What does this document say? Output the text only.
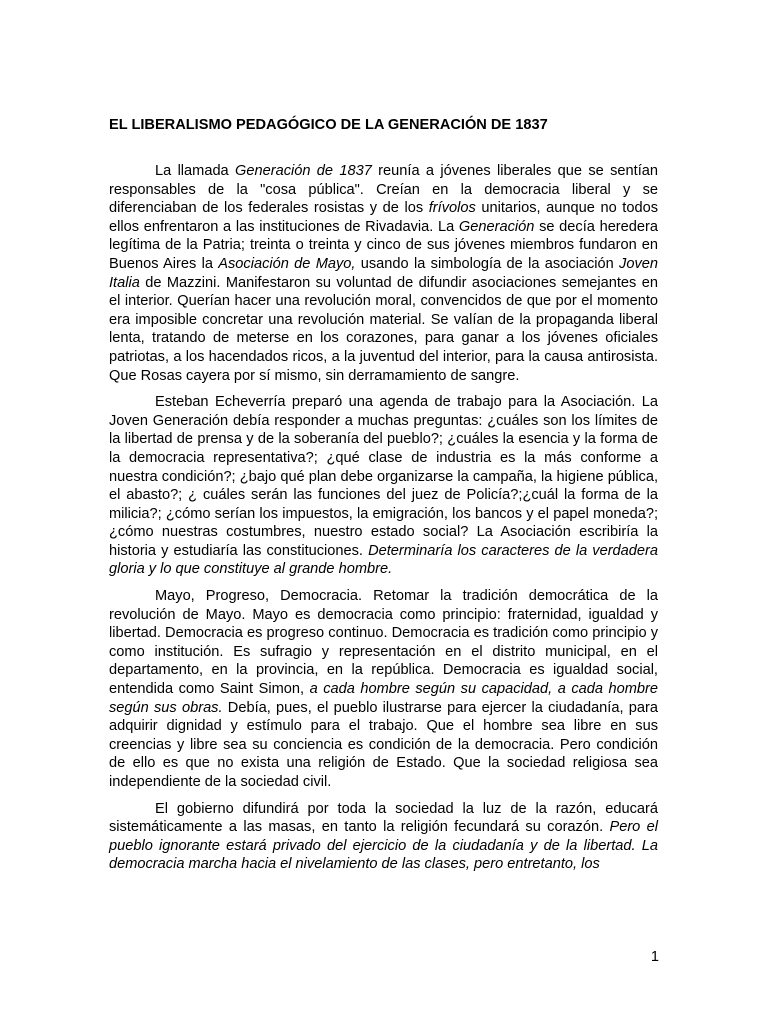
EL LIBERALISMO PEDAGÓGICO DE LA GENERACIÓN DE 1837

La llamada Generación de 1837 reunía a jóvenes liberales que se sentían responsables de la "cosa pública". Creían en la democracia liberal y se diferenciaban de los federales rosistas y de los frívolos unitarios, aunque no todos ellos enfrentaron a las instituciones de Rivadavia. La Generación se decía heredera legítima de la Patria; treinta o treinta y cinco de sus jóvenes miembros fundaron en Buenos Aires la Asociación de Mayo, usando la simbología de la asociación Joven Italia de Mazzini. Manifestaron su voluntad de difundir asociaciones semejantes en el interior. Querían hacer una revolución moral, convencidos de que por el momento era imposible concretar una revolución material. Se valían de la propaganda liberal lenta, tratando de meterse en los corazones, para ganar a los jóvenes oficiales patriotas, a los hacendados ricos, a la juventud del interior, para la causa antirosista. Que Rosas cayera por sí mismo, sin derramamiento de sangre.

Esteban Echeverría preparó una agenda de trabajo para la Asociación. La Joven Generación debía responder a muchas preguntas: ¿cuáles son los límites de la libertad de prensa y de la soberanía del pueblo?; ¿cuáles la esencia y la forma de la democracia representativa?; ¿qué clase de industria es la más conforme a nuestra condición?; ¿bajo qué plan debe organizarse la campaña, la higiene pública, el abasto?; ¿ cuáles serán las funciones del juez de Policía?;¿cuál la forma de la milicia?; ¿cómo serían los impuestos, la emigración, los bancos y el papel moneda?; ¿cómo nuestras costumbres, nuestro estado social? La Asociación escribiría la historia y estudiaría las constituciones. Determinaría los caracteres de la verdadera gloria y lo que constituye al grande hombre.

Mayo, Progreso, Democracia. Retomar la tradición democrática de la revolución de Mayo. Mayo es democracia como principio: fraternidad, igualdad y libertad. Democracia es progreso continuo. Democracia es tradición como principio y como institución. Es sufragio y representación en el distrito municipal, en el departamento, en la provincia, en la república. Democracia es igualdad social, entendida como Saint Simon, a cada hombre según su capacidad, a cada hombre según sus obras. Debía, pues, el pueblo ilustrarse para ejercer la ciudadanía, para adquirir dignidad y estímulo para el trabajo. Que el hombre sea libre en sus creencias y libre sea su conciencia es condición de la democracia. Pero condición de ello es que no exista una religión de Estado. Que la sociedad religiosa sea independiente de la sociedad civil.

El gobierno difundirá por toda la sociedad la luz de la razón, educará sistemáticamente a las masas, en tanto la religión fecundará su corazón. Pero el pueblo ignorante estará privado del ejercicio de la ciudadanía y de la libertad. La democracia marcha hacia el nivelamiento de las clases, pero entretanto, los

1
